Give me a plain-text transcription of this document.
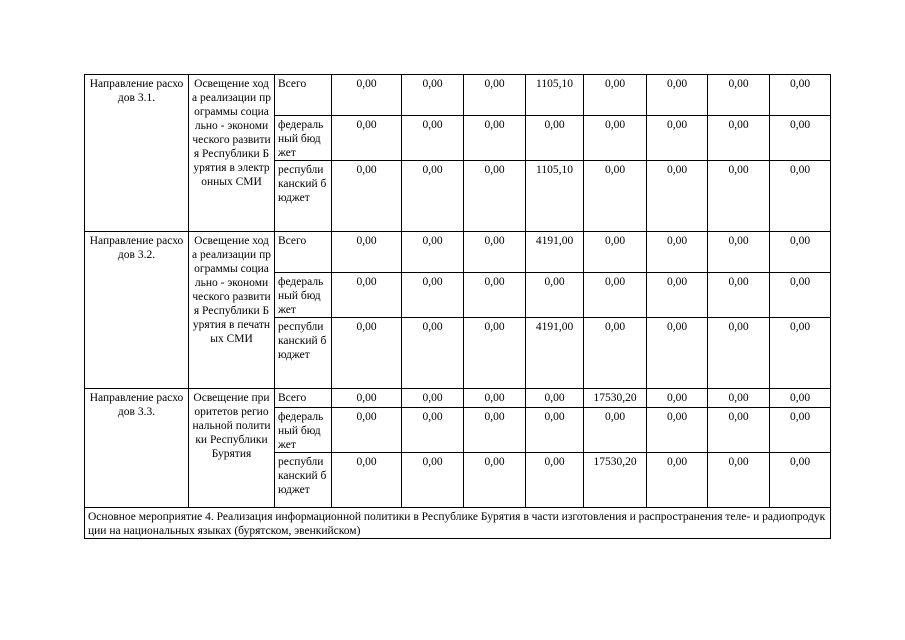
Направление расходов 3.1.	Освещение хода реализации программы социально - экономического развития Республики Бурятия в электронных СМИ	Всего	0,00	0,00	0,00	1105,10	0,00	0,00	0,00	0,00
		федеральный бюджет	0,00	0,00	0,00	0,00	0,00	0,00	0,00	0,00
		республиканский бюджет	0,00	0,00	0,00	1105,10	0,00	0,00	0,00	0,00
Направление расходов 3.2.	Освещение хода реализации программы социально - экономического развития Республики Бурятия в печатных СМИ	Всего	0,00	0,00	0,00	4191,00	0,00	0,00	0,00	0,00
		федеральный бюджет	0,00	0,00	0,00	0,00	0,00	0,00	0,00	0,00
		республиканский бюджет	0,00	0,00	0,00	4191,00	0,00	0,00	0,00	0,00
Направление расходов 3.3.	Освещение приоритетов региональной политики Республики Бурятия	Всего	0,00	0,00	0,00	0,00	17530,20	0,00	0,00	0,00
		федеральный бюджет	0,00	0,00	0,00	0,00	0,00	0,00	0,00	0,00
		республиканский бюджет	0,00	0,00	0,00	0,00	17530,20	0,00	0,00	0,00
Основное мероприятие 4. Реализация информационной политики в Республике Бурятия в части изготовления и распространения теле- и радиопродукции на национальных языках (бурятском, эвенкийском)										
